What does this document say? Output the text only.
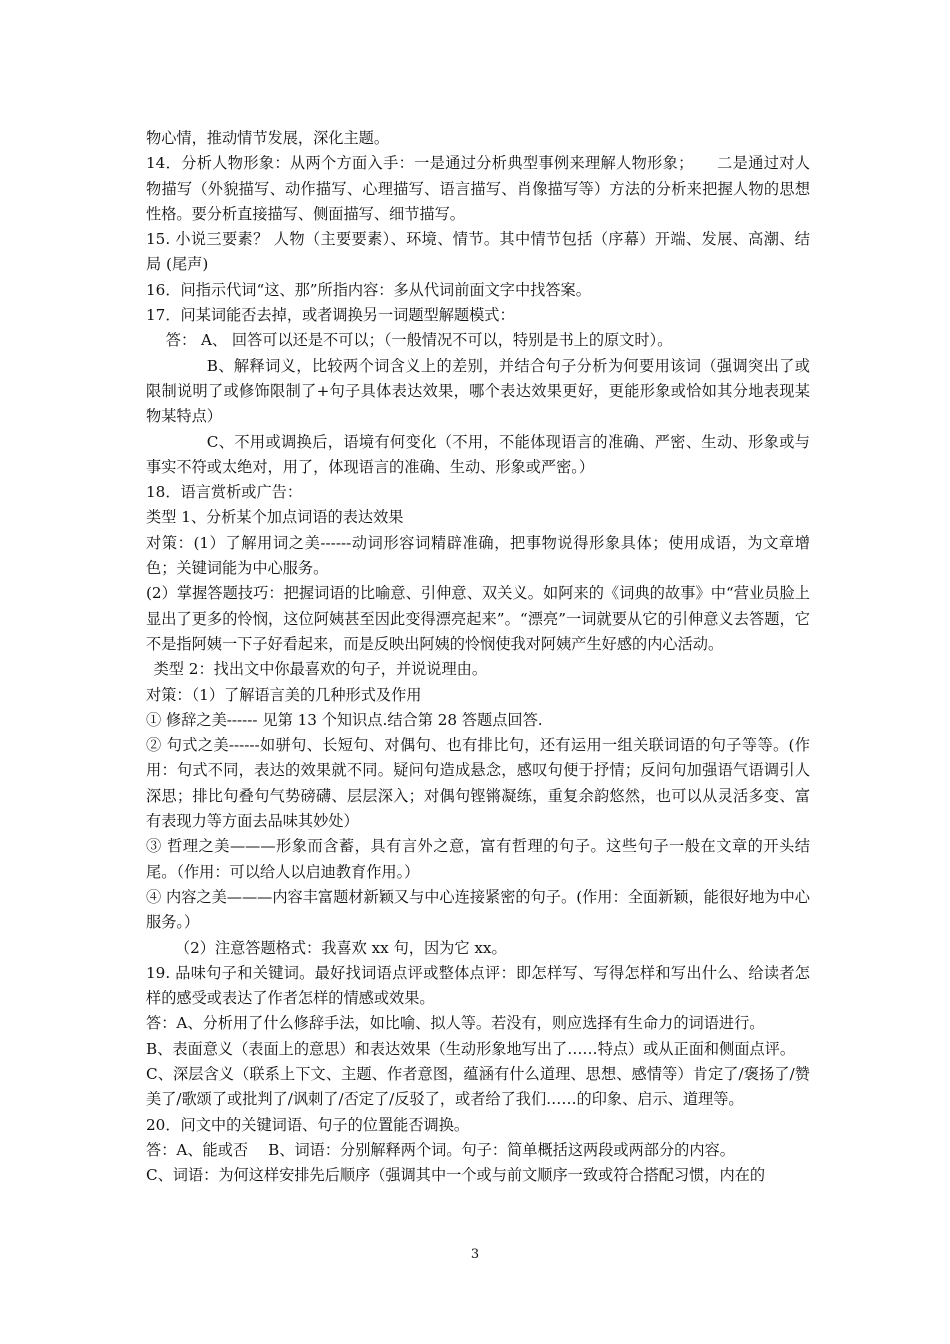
物心情，推动情节发展，深化主题。

14．分析人物形象：从两个方面入手：一是通过分析典型事例来理解人物形象；　　二是通过对人物描写（外貌描写、动作描写、心理描写、语言描写、肖像描写等）方法的分析来把握人物的思想性格。要分析直接描写、侧面描写、细节描写。

15. 小说三要素？ 人物（主要要素）、环境、情节。其中情节包括（序幕）开端、发展、高潮、结局 (尾声)

16．问指示代词“这、那”所指内容：多从代词前面文字中找答案。

17．问某词能否去掉，或者调换另一词题型解题模式：

答： A、 回答可以还是不可以；（一般情况不可以，特别是书上的原文时）。

B、解释词义，比较两个词含义上的差别，并结合句子分析为何要用该词（强调突出了或限制说明了或修饰限制了+句子具体表达效果，哪个表达效果更好，更能形象或恰如其分地表现某物某特点）

C、不用或调换后，语境有何变化（不用，不能体现语言的准确、严密、生动、形象或与事实不符或太绝对，用了，体现语言的准确、生动、形象或严密。）

18．语言赏析或广告：

类型 1、分析某个加点词语的表达效果

对策：(1）了解用词之美------动词形容词精辟准确，把事物说得形象具体；使用成语，为文章增色；关键词能为中心服务。

(2）掌握答题技巧：把握词语的比喻意、引伸意、双关义。如阿来的《词典的故事》中“营业员脸上显出了更多的怜悯，这位阿姨甚至因此变得漂亮起来”。“漂亮”一词就要从它的引伸意义去答题，它不是指阿姨一下子好看起来，而是反映出阿姨的怜悯使我对阿姨产生好感的内心活动。

类型 2：找出文中你最喜欢的句子，并说说理由。

对策：（1）了解语言美的几种形式及作用

① 修辞之美------ 见第 13 个知识点.结合第 28 答题点回答.

② 句式之美------如骈句、长短句、对偶句、也有排比句，还有运用一组关联词语的句子等等。(作用：句式不同，表达的效果就不同。疑问句造成悬念，感叹句便于抒情；反问句加强语气语调引人深思；排比句叠句气势磅礴、层层深入；对偶句铿锵凝练，重复余韵悠然，也可以从灵活多变、富有表现力等方面去品味其妙处）

③ 哲理之美———形象而含蓄，具有言外之意，富有哲理的句子。这些句子一般在文章的开头结尾。（作用：可以给人以启迪教育作用。）

④ 内容之美———内容丰富题材新颖又与中心连接紧密的句子。(作用：全面新颖，能很好地为中心服务。）

（2）注意答题格式：我喜欢 xx 句，因为它 xx。

19. 品味句子和关键词。最好找词语点评或整体点评：即怎样写、写得怎样和写出什么、给读者怎样的感受或表达了作者怎样的情感或效果。

答：A、分析用了什么修辞手法，如比喻、拟人等。若没有，则应选择有生命力的词语进行。

B、表面意义（表面上的意思）和表达效果（生动形象地写出了……特点）或从正面和侧面点评。

C、深层含义（联系上下文、主题、作者意图，蕴涵有什么道理、思想、感情等）肯定了/褒扬了/赞美了/歌颂了或批判了/讽刺了/否定了/反驳了，或者给了我们……的印象、启示、道理等。

20．问文中的关键词语、句子的位置能否调换。

答：A、能或否　 B、词语：分别解释两个词。句子：简单概括这两段或两部分的内容。

C、词语：为何这样安排先后顺序（强调其中一个或与前文顺序一致或符合搭配习惯，内在的

3
